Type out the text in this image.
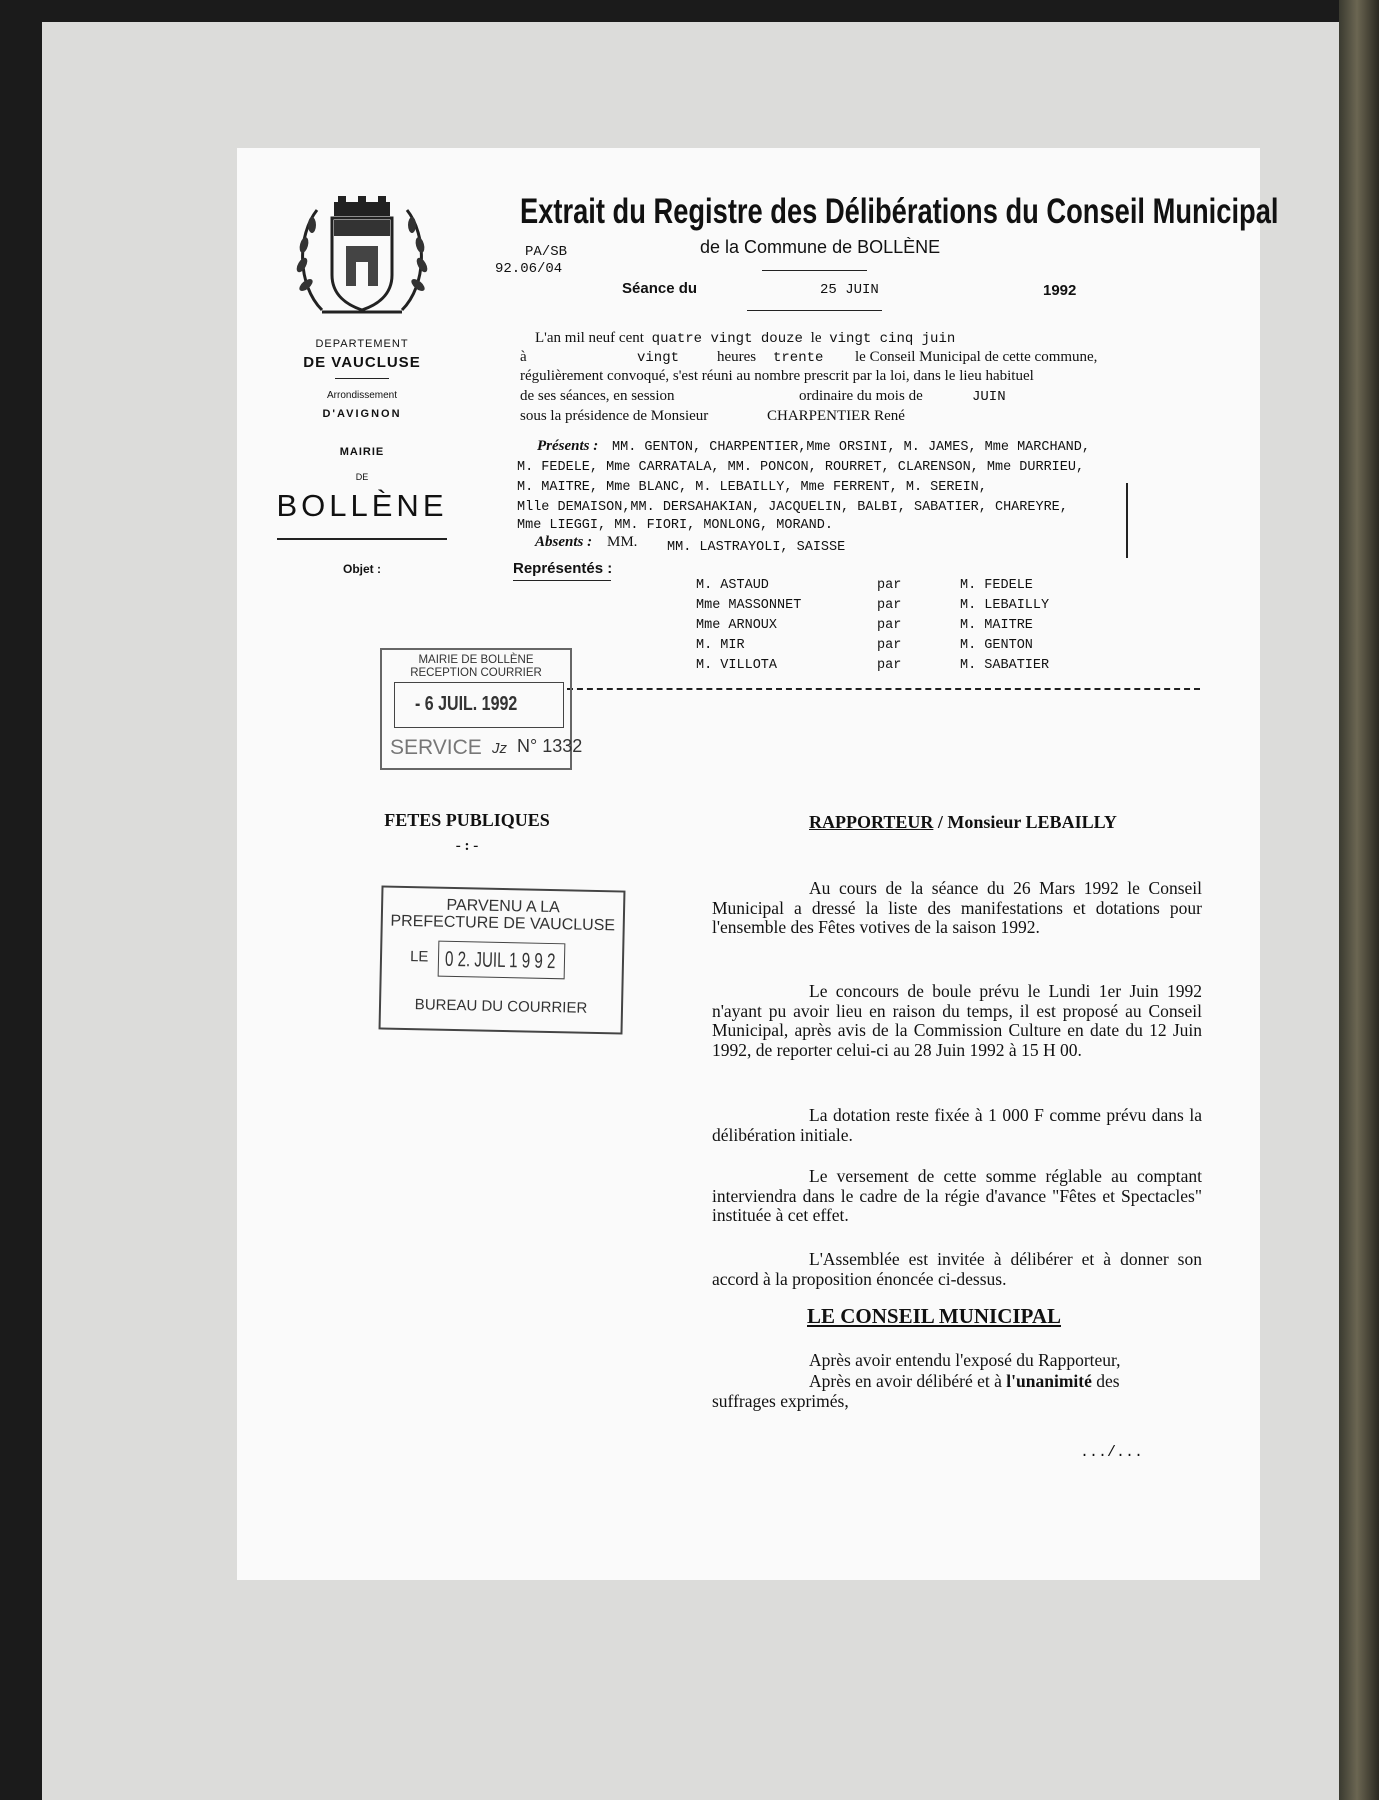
DEPARTEMENT
DE VAUCLUSE
Arrondissement
D'AVIGNON
MAIRIE
DE
BOLLÈNE
Objet :
Extrait du Registre des Délibérations du Conseil Municipal
de la Commune de BOLLÈNE
PA/SB
92.06/04
Séance du	25 JUIN	1992
L'an mil neuf cent quatre vingt douze le vingt cinq juin
à	vingt	heures trente le Conseil Municipal de cette commune,
régulièrement convoqué, s'est réuni au nombre prescrit par la loi, dans le lieu habituel
de ses séances, en session	ordinaire du mois de	JUIN
sous la présidence de Monsieur	CHARPENTIER René
Présents : MM. GENTON, CHARPENTIER,Mme ORSINI, M. JAMES, Mme MARCHAND,
M. FEDELE, Mme CARRATALA, MM. PONCON, ROURRET, CLARENSON, Mme DURRIEU,
M. MAITRE, Mme BLANC, M. LEBAILLY, Mme FERRENT, M. SEREIN,
Mlle DEMAISON,MM. DERSAHAKIAN, JACQUELIN, BALBI, SABATIER, CHAREYRE,
Mme LIEGGI, MM. FIORI, MONLONG, MORAND.
Absents : MM. MM. LASTRAYOLI, SAISSE
Représentés :
M. ASTAUD	par	M. FEDELE
Mme MASSONNET	par	M. LEBAILLY
Mme ARNOUX	par	M. MAITRE
M. MIR	par	M. GENTON
M. VILLOTA	par	M. SABATIER
MAIRIE DE BOLLÈNE
RECEPTION COURRIER
- 6 JUIL. 1992
SERVICE Jz N° 1332
FETES PUBLIQUES
- : -
PARVENU A LA
PREFECTURE DE VAUCLUSE
LE 0 2. JUIL 1 9 9 2
BUREAU DU COURRIER
RAPPORTEUR / Monsieur LEBAILLY
Au cours de la séance du 26 Mars 1992 le Conseil Municipal a dressé la liste des manifestations et dotations pour l'ensemble des Fêtes votives de la saison 1992.
Le concours de boule prévu le Lundi 1er Juin 1992 n'ayant pu avoir lieu en raison du temps, il est proposé au Conseil Municipal, après avis de la Commission Culture en date du 12 Juin 1992, de reporter celui-ci au 28 Juin 1992 à 15 H 00.
La dotation reste fixée à 1 000 F comme prévu dans la délibération initiale.
Le versement de cette somme réglable au comptant interviendra dans le cadre de la régie d'avance "Fêtes et Spectacles" instituée à cet effet.
L'Assemblée est invitée à délibérer et à donner son accord à la proposition énoncée ci-dessus.
LE CONSEIL MUNICIPAL
Après avoir entendu l'exposé du Rapporteur,
Après en avoir délibéré et à l'unanimité des
suffrages exprimés,
.../...
